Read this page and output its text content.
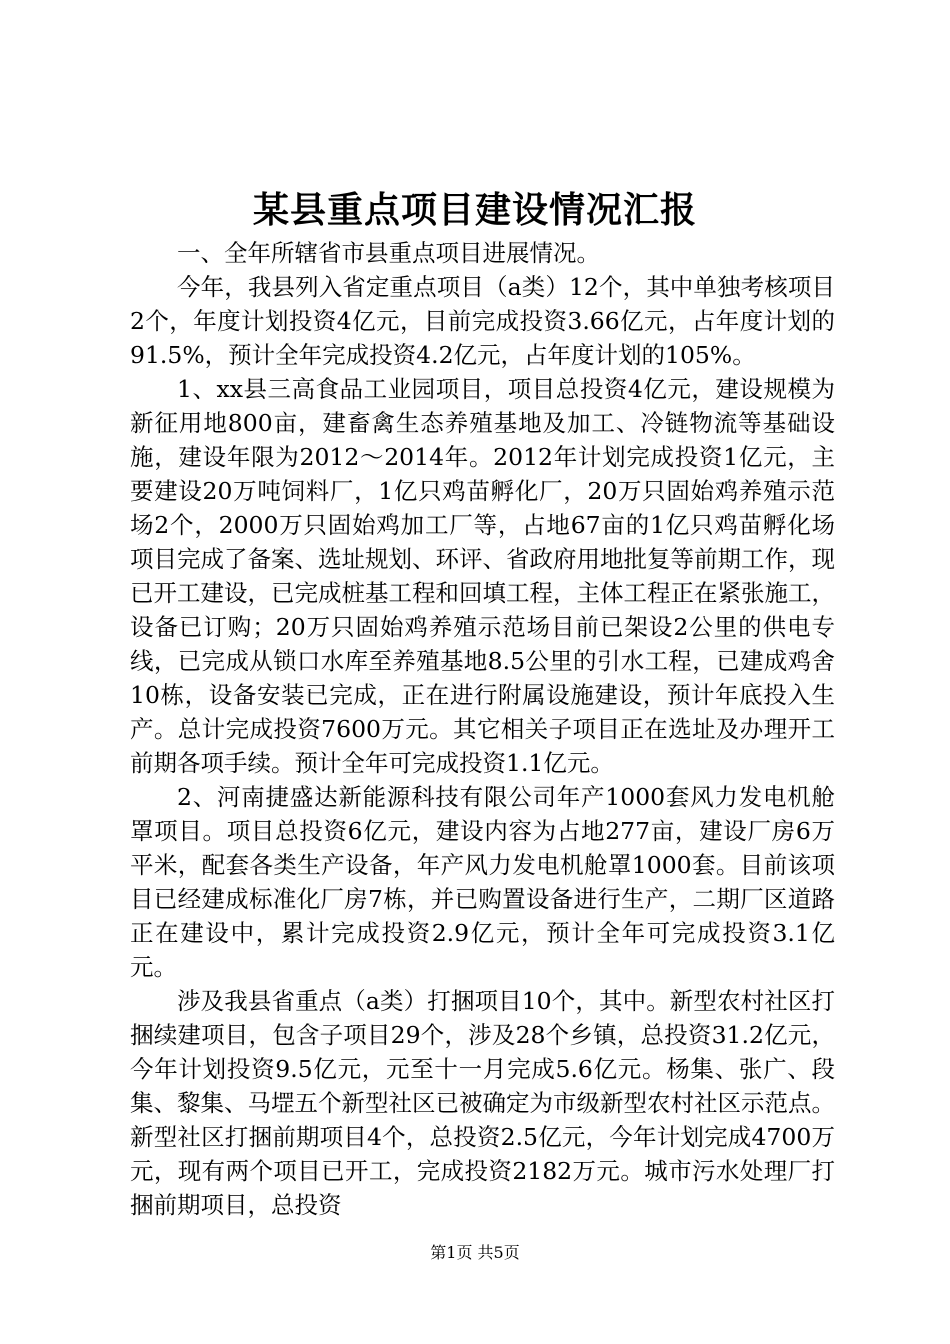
某县重点项目建设情况汇报

一、全年所辖省市县重点项目进展情况。

今年，我县列入省定重点项目（a类）12个，其中单独考核项目2个，年度计划投资4亿元，目前完成投资3.66亿元，占年度计划的91.5%，预计全年完成投资4.2亿元，占年度计划的105%。

1、xx县三高食品工业园项目，项目总投资4亿元，建设规模为新征用地800亩，建畜禽生态养殖基地及加工、冷链物流等基础设施，建设年限为2012～2014年。2012年计划完成投资1亿元，主要建设20万吨饲料厂，1亿只鸡苗孵化厂，20万只固始鸡养殖示范场2个，2000万只固始鸡加工厂等，占地67亩的1亿只鸡苗孵化场项目完成了备案、选址规划、环评、省政府用地批复等前期工作，现已开工建设，已完成桩基工程和回填工程，主体工程正在紧张施工，设备已订购；20万只固始鸡养殖示范场目前已架设2公里的供电专线，已完成从锁口水库至养殖基地8.5公里的引水工程，已建成鸡舍10栋，设备安装已完成，正在进行附属设施建设，预计年底投入生产。总计完成投资7600万元。其它相关子项目正在选址及办理开工前期各项手续。预计全年可完成投资1.1亿元。

2、河南捷盛达新能源科技有限公司年产1000套风力发电机舱罩项目。项目总投资6亿元，建设内容为占地277亩，建设厂房6万平米，配套各类生产设备，年产风力发电机舱罩1000套。目前该项目已经建成标准化厂房7栋，并已购置设备进行生产，二期厂区道路正在建设中，累计完成投资2.9亿元，预计全年可完成投资3.1亿元。

涉及我县省重点（a类）打捆项目10个，其中。新型农村社区打捆续建项目，包含子项目29个，涉及28个乡镇，总投资31.2亿元，今年计划投资9.5亿元，元至十一月完成5.6亿元。杨集、张广、段集、黎集、马堽五个新型社区已被确定为市级新型农村社区示范点。新型社区打捆前期项目4个，总投资2.5亿元，今年计划完成4700万元，现有两个项目已开工，完成投资2182万元。城市污水处理厂打捆前期项目，总投资

第1页 共5页
